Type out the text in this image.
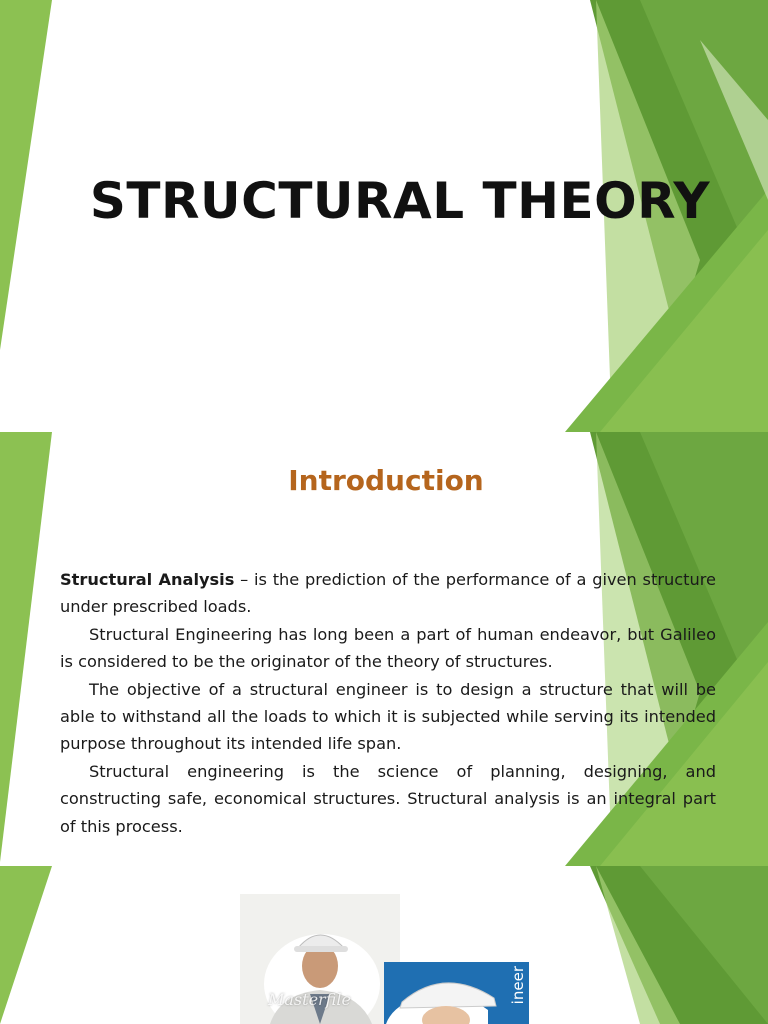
STRUCTURAL THEORY
Introduction

Structural Analysis – is the prediction of the performance of a given structure under prescribed loads.

Structural Engineering has long been a part of human endeavor, but Galileo is considered to be the originator of the theory of structures.

The objective of a structural engineer is to design a structure that will be able to withstand all the loads to which it is subjected while serving its intended purpose throughout its intended life span.

Structural engineering is the science of planning, designing, and constructing safe, economical structures. Structural analysis is an integral part of this process.

Masterfile	ineer
